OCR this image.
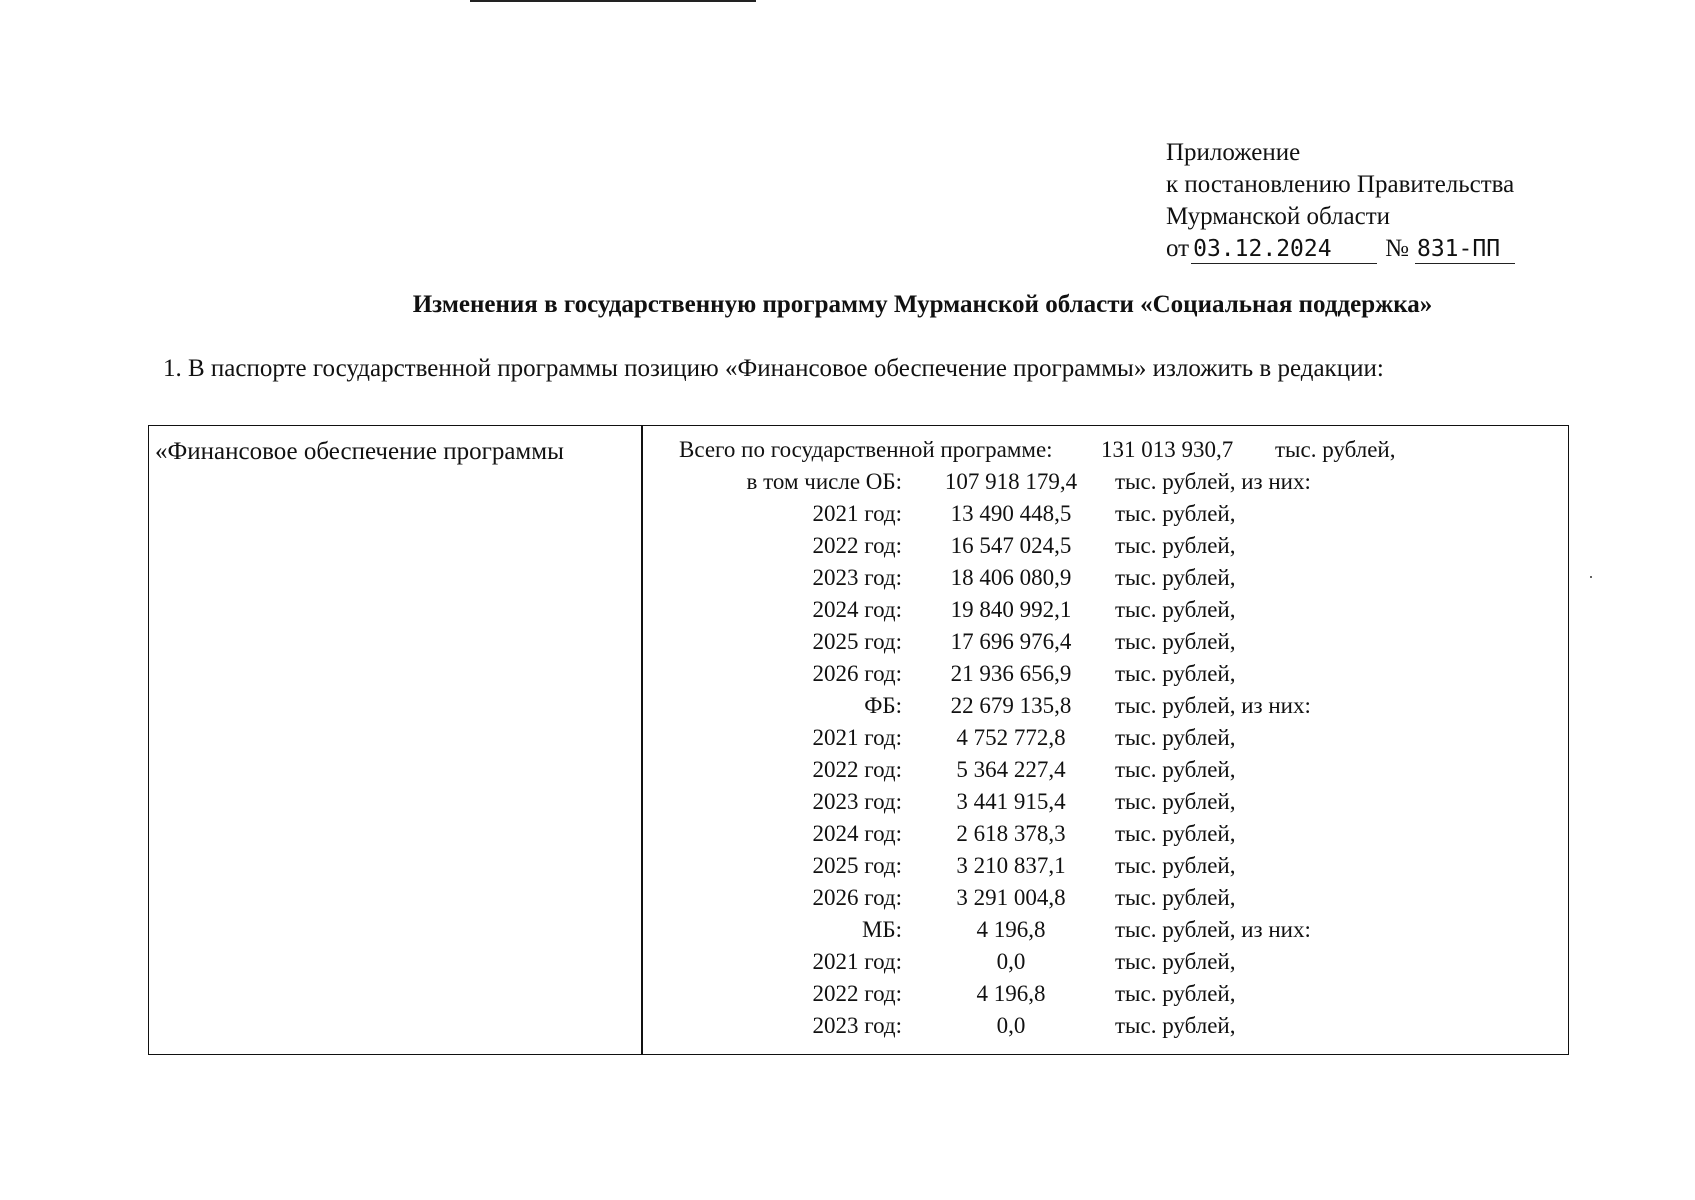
Приложение
к постановлению Правительства
Мурманской области
от 03.12.2024 № 831-ПП
Изменения в государственную программу Мурманской области «Социальная поддержка»
1. В паспорте государственной программы позицию «Финансовое обеспечение программы» изложить в редакции:
«Финансовое обеспечение программы	Всего по государственной программе: 131 013 930,7 тыс. рублей,
в том числе ОБ:	107 918 179,4	тыс. рублей, из них:
2021 год:	13 490 448,5	тыс. рублей,
2022 год:	16 547 024,5	тыс. рублей,
2023 год:	18 406 080,9	тыс. рублей,
2024 год:	19 840 992,1	тыс. рублей,
2025 год:	17 696 976,4	тыс. рублей,
2026 год:	21 936 656,9	тыс. рублей,
ФБ:	22 679 135,8	тыс. рублей, из них:
2021 год:	4 752 772,8	тыс. рублей,
2022 год:	5 364 227,4	тыс. рублей,
2023 год:	3 441 915,4	тыс. рублей,
2024 год:	2 618 378,3	тыс. рублей,
2025 год:	3 210 837,1	тыс. рублей,
2026 год:	3 291 004,8	тыс. рублей,
МБ:	4 196,8	тыс. рублей, из них:
2021 год:	0,0	тыс. рублей,
2022 год:	4 196,8	тыс. рублей,
2023 год:	0,0	тыс. рублей,
